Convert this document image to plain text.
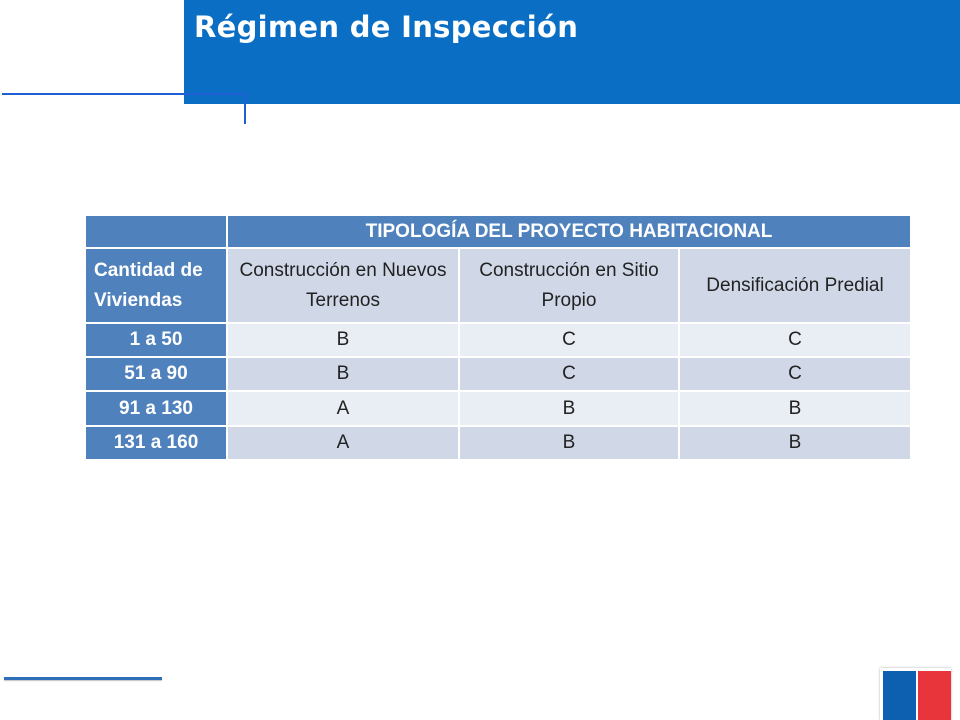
Régimen de Inspección
	TIPOLOGÍA DEL PROYECTO HABITACIONAL		
Cantidad de Viviendas	Construcción en Nuevos Terrenos	Construcción en Sitio Propio	Densificación Predial
1 a 50	B	C	C
51 a 90	B	C	C
91 a 130	A	B	B
131 a 160	A	B	B
